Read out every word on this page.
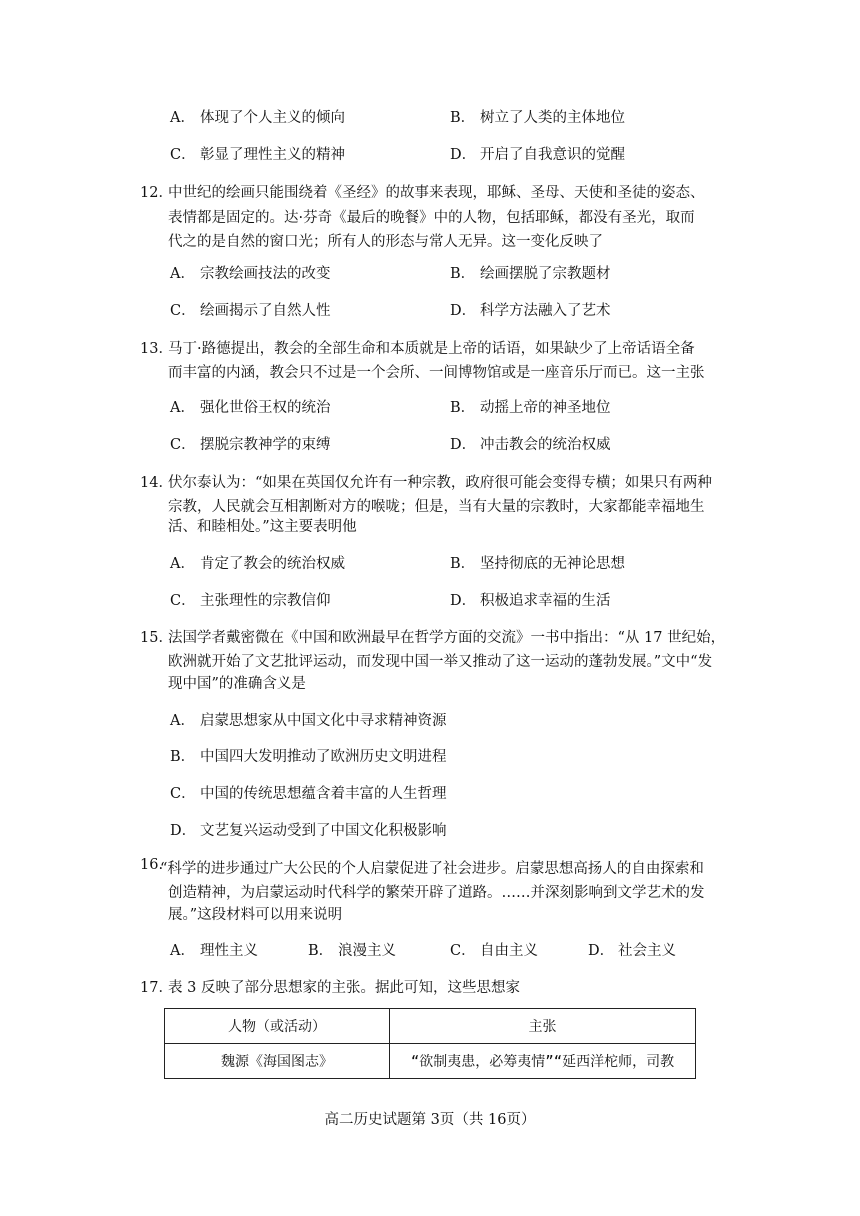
A． 体现了个人主义的倾向	B． 树立了人类的主体地位
C． 彰显了理性主义的精神	D． 开启了自我意识的觉醒
12．
中世纪的绘画只能围绕着《圣经》的故事来表现，耶稣、圣母、天使和圣徒的姿态、
表情都是固定的。达·芬奇《最后的晚餐》中的人物，包括耶稣，都没有圣光，取而
代之的是自然的窗口光；所有人的形态与常人无异。这一变化反映了
A． 宗教绘画技法的改变	B． 绘画摆脱了宗教题材
C． 绘画揭示了自然人性	D． 科学方法融入了艺术
13．
马丁·路德提出，教会的全部生命和本质就是上帝的话语，如果缺少了上帝话语全备
而丰富的内涵，教会只不过是一个会所、一间博物馆或是一座音乐厅而已。这一主张
A． 强化世俗王权的统治	B． 动摇上帝的神圣地位
C． 摆脱宗教神学的束缚	D． 冲击教会的统治权威
14．
伏尔泰认为：“如果在英国仅允许有一种宗教，政府很可能会变得专横；如果只有两种
宗教，人民就会互相割断对方的喉咙；但是，当有大量的宗教时，大家都能幸福地生
活、和睦相处。”这主要表明他
A． 肯定了教会的统治权威	B． 坚持彻底的无神论思想
C． 主张理性的宗教信仰	D． 积极追求幸福的生活
15．
法国学者戴密微在《中国和欧洲最早在哲学方面的交流》一书中指出：“从 17 世纪始，
欧洲就开始了文艺批评运动，而发现中国一举又推动了这一运动的蓬勃发展。”文中“发
现中国”的准确含义是
A． 启蒙思想家从中国文化中寻求精神资源
B． 中国四大发明推动了欧洲历史文明进程
C． 中国的传统思想蕴含着丰富的人生哲理
D． 文艺复兴运动受到了中国文化积极影响
16.
“科学的进步通过广大公民的个人启蒙促进了社会进步。启蒙思想高扬人的自由探索和
创造精神，为启蒙运动时代科学的繁荣开辟了道路。……并深刻影响到文学艺术的发
展。”这段材料可以用来说明
A． 理性主义	B． 浪漫主义	C． 自由主义	D． 社会主义
17．
表 3 反映了部分思想家的主张。据此可知，这些思想家
人物（或活动）	主张
魏源《海国图志》	“欲制夷患，必筹夷情”“延西洋柁师，司教
高二历史试题第 3页（共 16页）
